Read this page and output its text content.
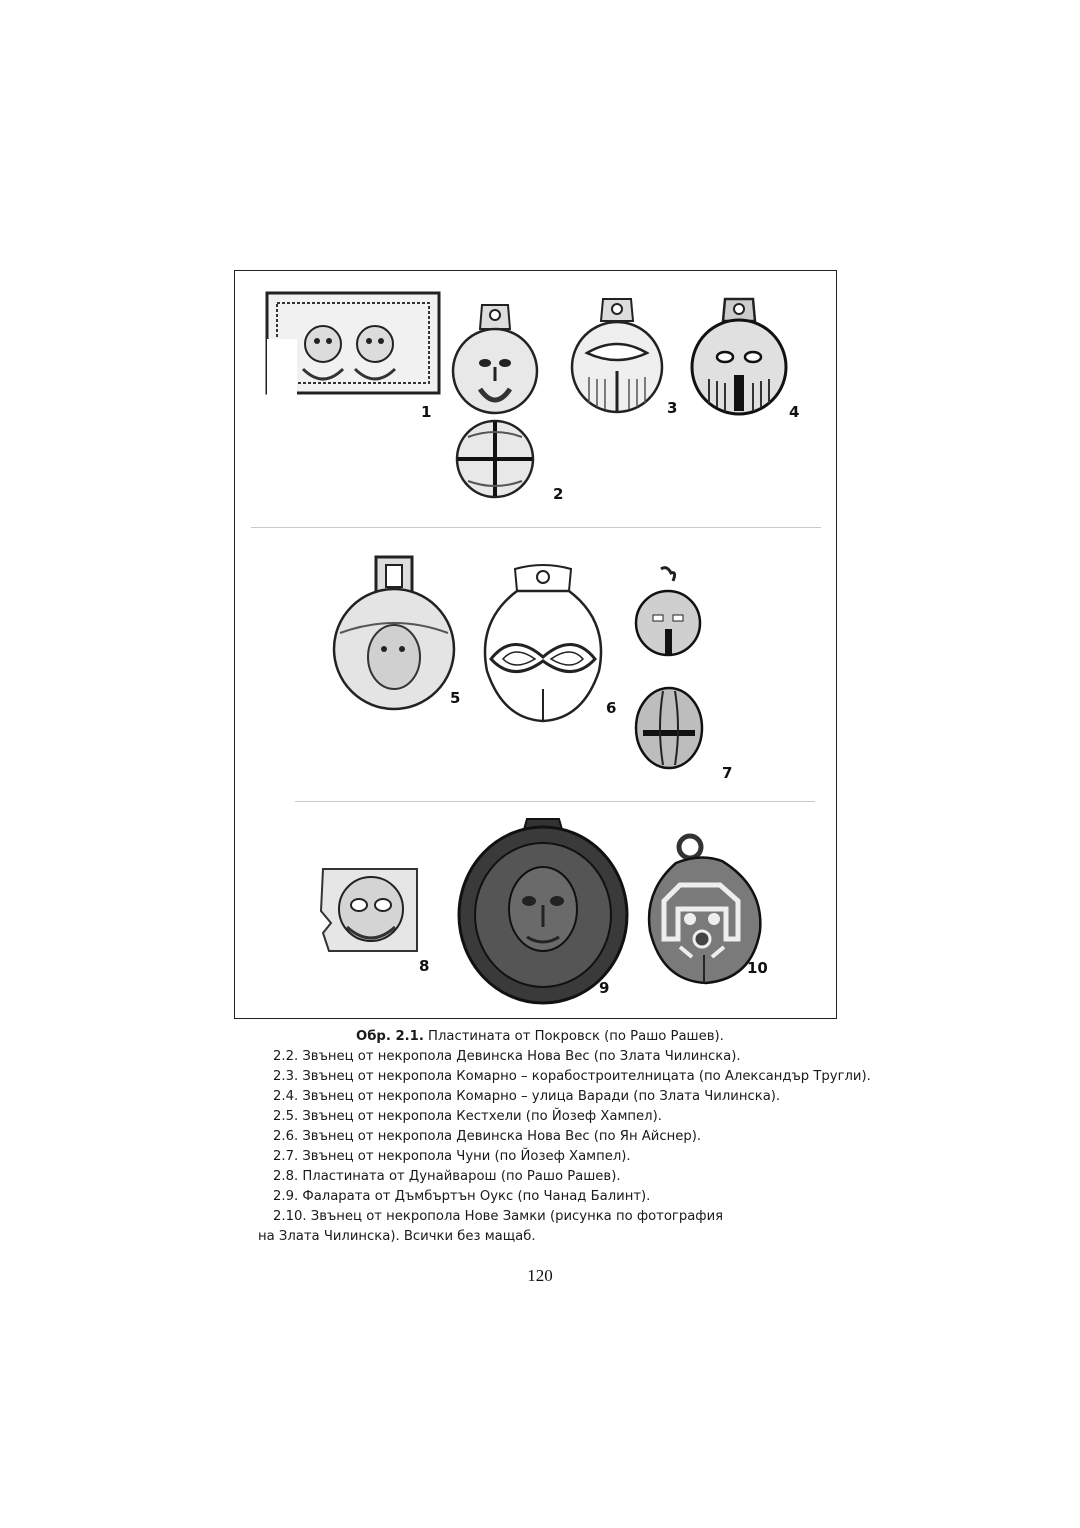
1
2
3	4
5
6
7
8
9
10
Обр. 2.1. Пластината от Покровск (по Рашо Рашев).
2.2. Звънец от некропола Девинска Нова Вес (по Злата Чилинска).
2.3. Звънец от некропола Комарно – корабостроителницата (по Александър Тругли).
2.4. Звънец от некропола Комарно – улица Варади (по Злата Чилинска).
2.5. Звънец от некропола Кестхели (по Йозеф Хампел).
2.6. Звънец от некропола Девинска Нова Вес (по Ян Айснер).
2.7. Звънец от некропола Чуни (по Йозеф Хампел).
2.8. Пластината от Дунайварош (по Рашо Рашев).
2.9. Фаларата от Дъмбъртън Оукс (по Чанад Балинт).
2.10. Звънец от некропола Нове Замки (рисунка по фотография
на Злата Чилинска). Всички без мащаб.
120
